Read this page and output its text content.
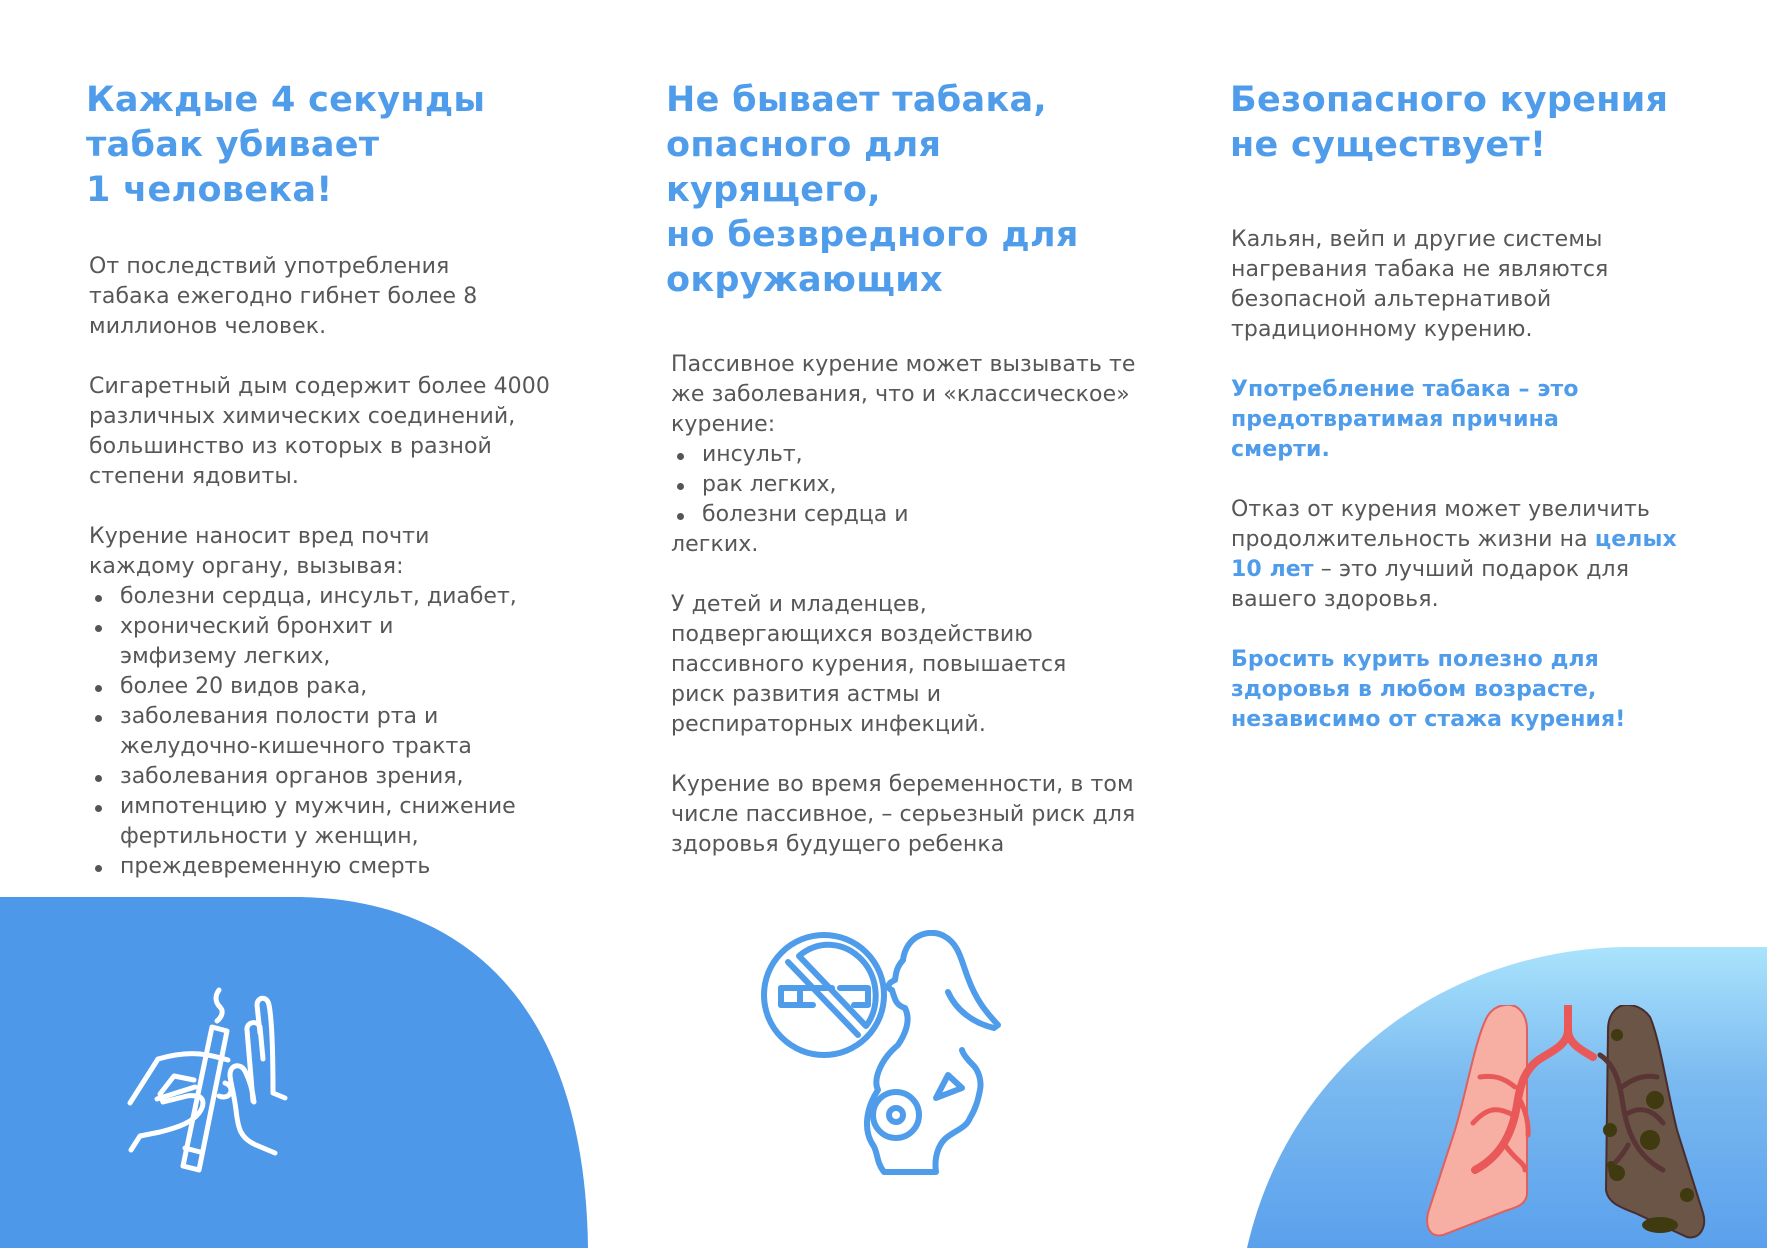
Каждые 4 секунды
табак убивает
1 человека!

От последствий употребления табака ежегодно гибнет более 8 миллионов человек.

Сигаретный дым содержит более 4000 различных химических соединений, большинство из которых в разной степени ядовиты.

Курение наносит вред почти каждому органу, вызывая:

болезни сердца, инсульт, диабет,
хронический бронхит и эмфизему легких,
более 20 видов рака,
заболевания полости рта и желудочно-кишечного тракта
заболевания органов зрения,
импотенцию у мужчин, снижение фертильности у женщин,
преждевременную смерть
Не бывает табака,
опасного для
курящего,
но безвредного для
окружающих

Пассивное курение может вызывать те же заболевания, что и «классическое» курение:

инсульт,
рак легких,
болезни сердца и

легких.

У детей и младенцев, подвергающихся воздействию пассивного курения, повышается риск развития астмы и респираторных инфекций.

Курение во время беременности, в том числе пассивное, – серьезный риск для здоровья будущего ребенка

Безопасного курения
не существует!

Кальян, вейп и другие системы нагревания табака не являются безопасной альтернативой традиционному курению.

Употребление табака – это предотвратимая причина смерти.

Отказ от курения может увеличить продолжительность жизни на целых 10 лет – это лучший подарок для вашего здоровья.

Бросить курить полезно для здоровья в любом возрасте, независимо от стажа курения!
